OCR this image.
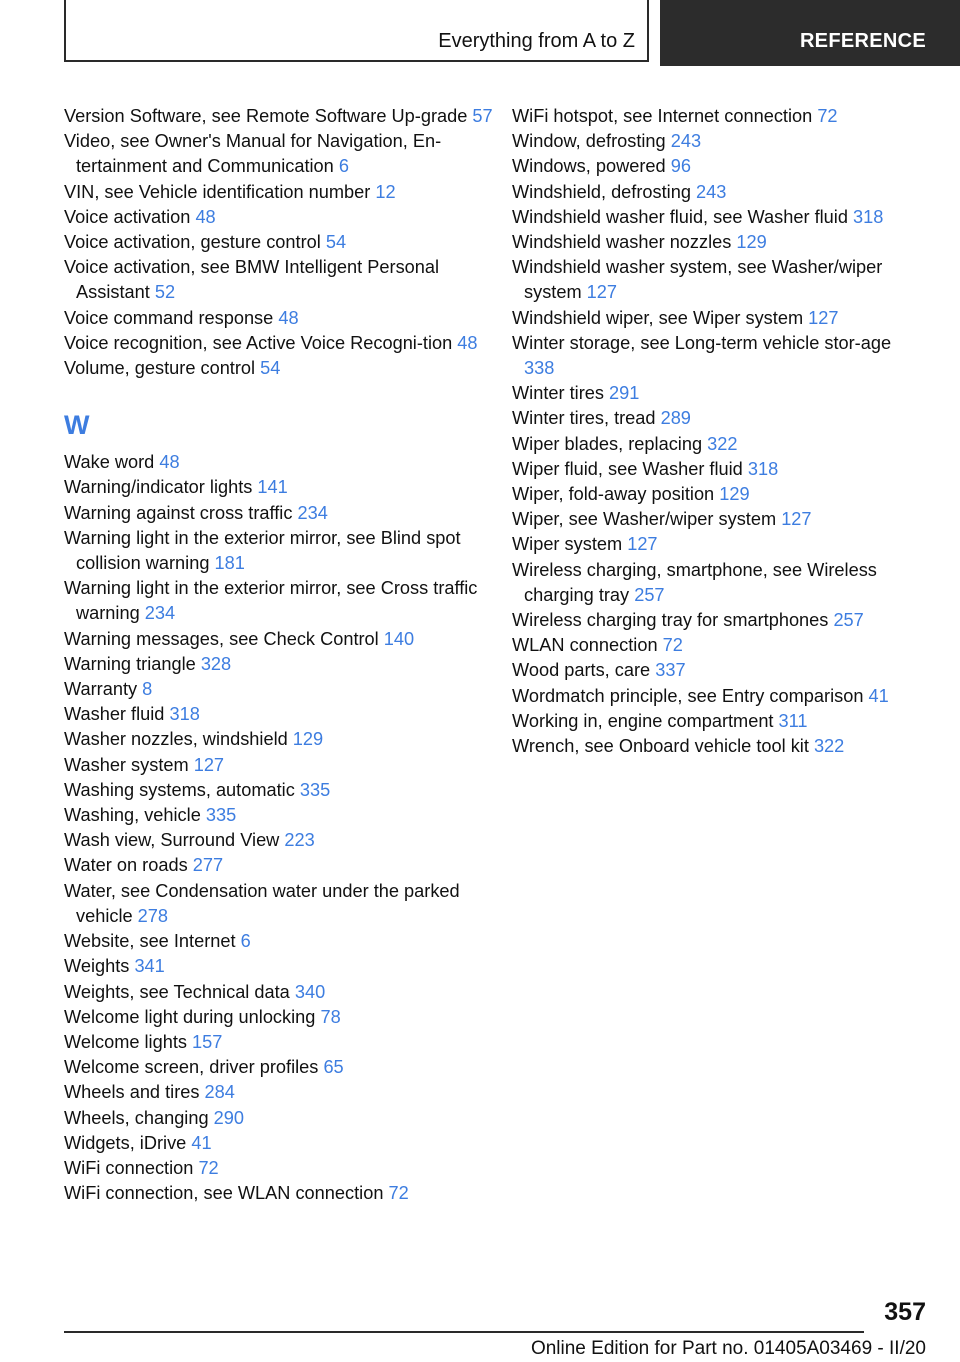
Everything from A to Z	REFERENCE

Version Software, see Remote Software Up-grade 57

Video, see Owner's Manual for Navigation, En-tertainment and Communication 6

VIN, see Vehicle identification number 12

Voice activation 48

Voice activation, gesture control 54

Voice activation, see BMW Intelligent Personal Assistant 52

Voice command response 48

Voice recognition, see Active Voice Recogni-tion 48

Volume, gesture control 54

W

Wake word 48

Warning/indicator lights 141

Warning against cross traffic 234

Warning light in the exterior mirror, see Blind spot collision warning 181

Warning light in the exterior mirror, see Cross traffic warning 234

Warning messages, see Check Control 140

Warning triangle 328

Warranty 8

Washer fluid 318

Washer nozzles, windshield 129

Washer system 127

Washing systems, automatic 335

Washing, vehicle 335

Wash view, Surround View 223

Water on roads 277

Water, see Condensation water under the parked vehicle 278

Website, see Internet 6

Weights 341

Weights, see Technical data 340

Welcome light during unlocking 78

Welcome lights 157

Welcome screen, driver profiles 65

Wheels and tires 284

Wheels, changing 290

Widgets, iDrive 41

WiFi connection 72

WiFi connection, see WLAN connection 72

WiFi hotspot, see Internet connection 72

Window, defrosting 243

Windows, powered 96

Windshield, defrosting 243

Windshield washer fluid, see Washer fluid 318

Windshield washer nozzles 129

Windshield washer system, see Washer/wiper system 127

Windshield wiper, see Wiper system 127

Winter storage, see Long-term vehicle stor-age 338

Winter tires 291

Winter tires, tread 289

Wiper blades, replacing 322

Wiper fluid, see Washer fluid 318

Wiper, fold-away position 129

Wiper, see Washer/wiper system 127

Wiper system 127

Wireless charging, smartphone, see Wireless charging tray 257

Wireless charging tray for smartphones 257

WLAN connection 72

Wood parts, care 337

Wordmatch principle, see Entry comparison 41

Working in, engine compartment 311

Wrench, see Onboard vehicle tool kit 322

357
Online Edition for Part no. 01405A03469 - II/20
